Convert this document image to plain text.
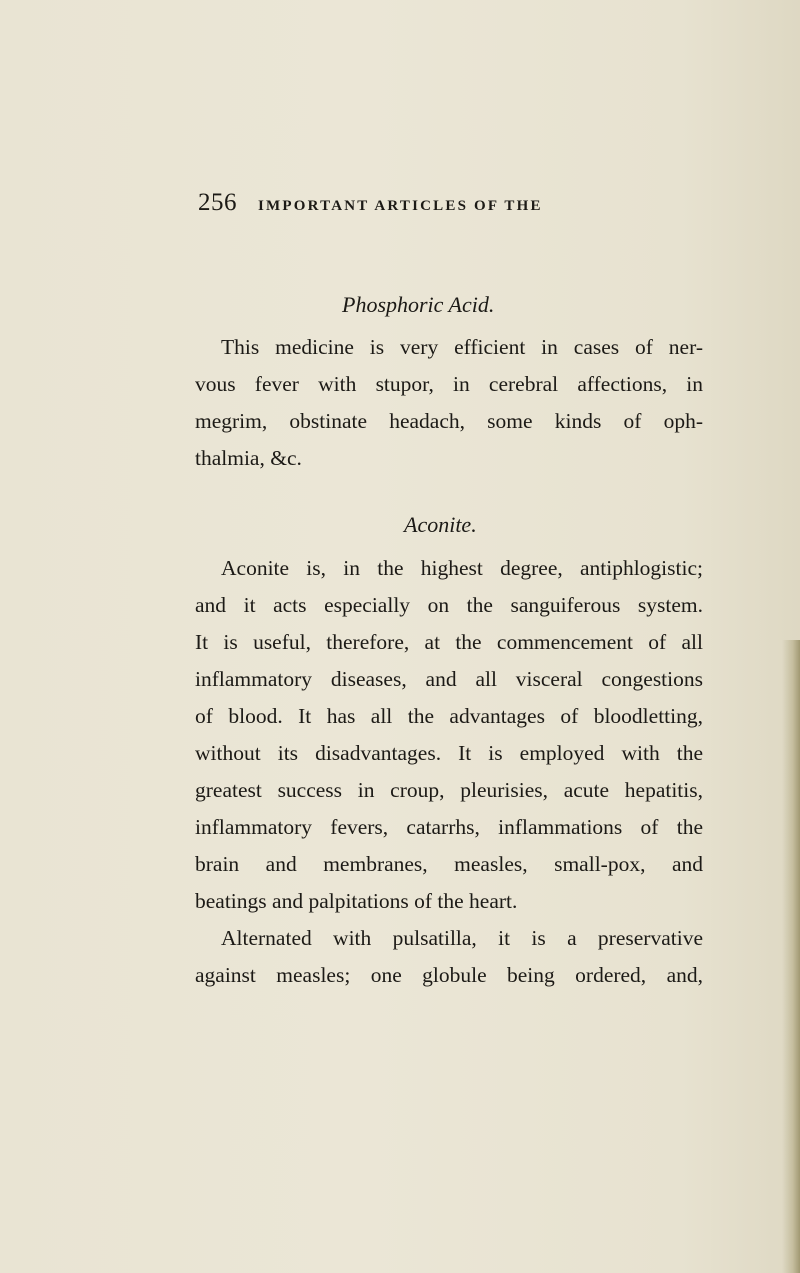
256 IMPORTANT ARTICLES OF THE
Phosphoric Acid.
This medicine is very efficient in cases of ner-
vous fever with stupor, in cerebral affections, in
megrim, obstinate headach, some kinds of oph-
thalmia, &c.
Aconite.
Aconite is, in the highest degree, antiphlogistic;
and it acts especially on the sanguiferous system.
It is useful, therefore, at the commencement of all
inflammatory diseases, and all visceral congestions
of blood. It has all the advantages of bloodletting,
without its disadvantages. It is employed with the
greatest success in croup, pleurisies, acute hepatitis,
inflammatory fevers, catarrhs, inflammations of the
brain and membranes, measles, small-pox, and
beatings and palpitations of the heart.
Alternated with pulsatilla, it is a preservative
against measles; one globule being ordered, and,
